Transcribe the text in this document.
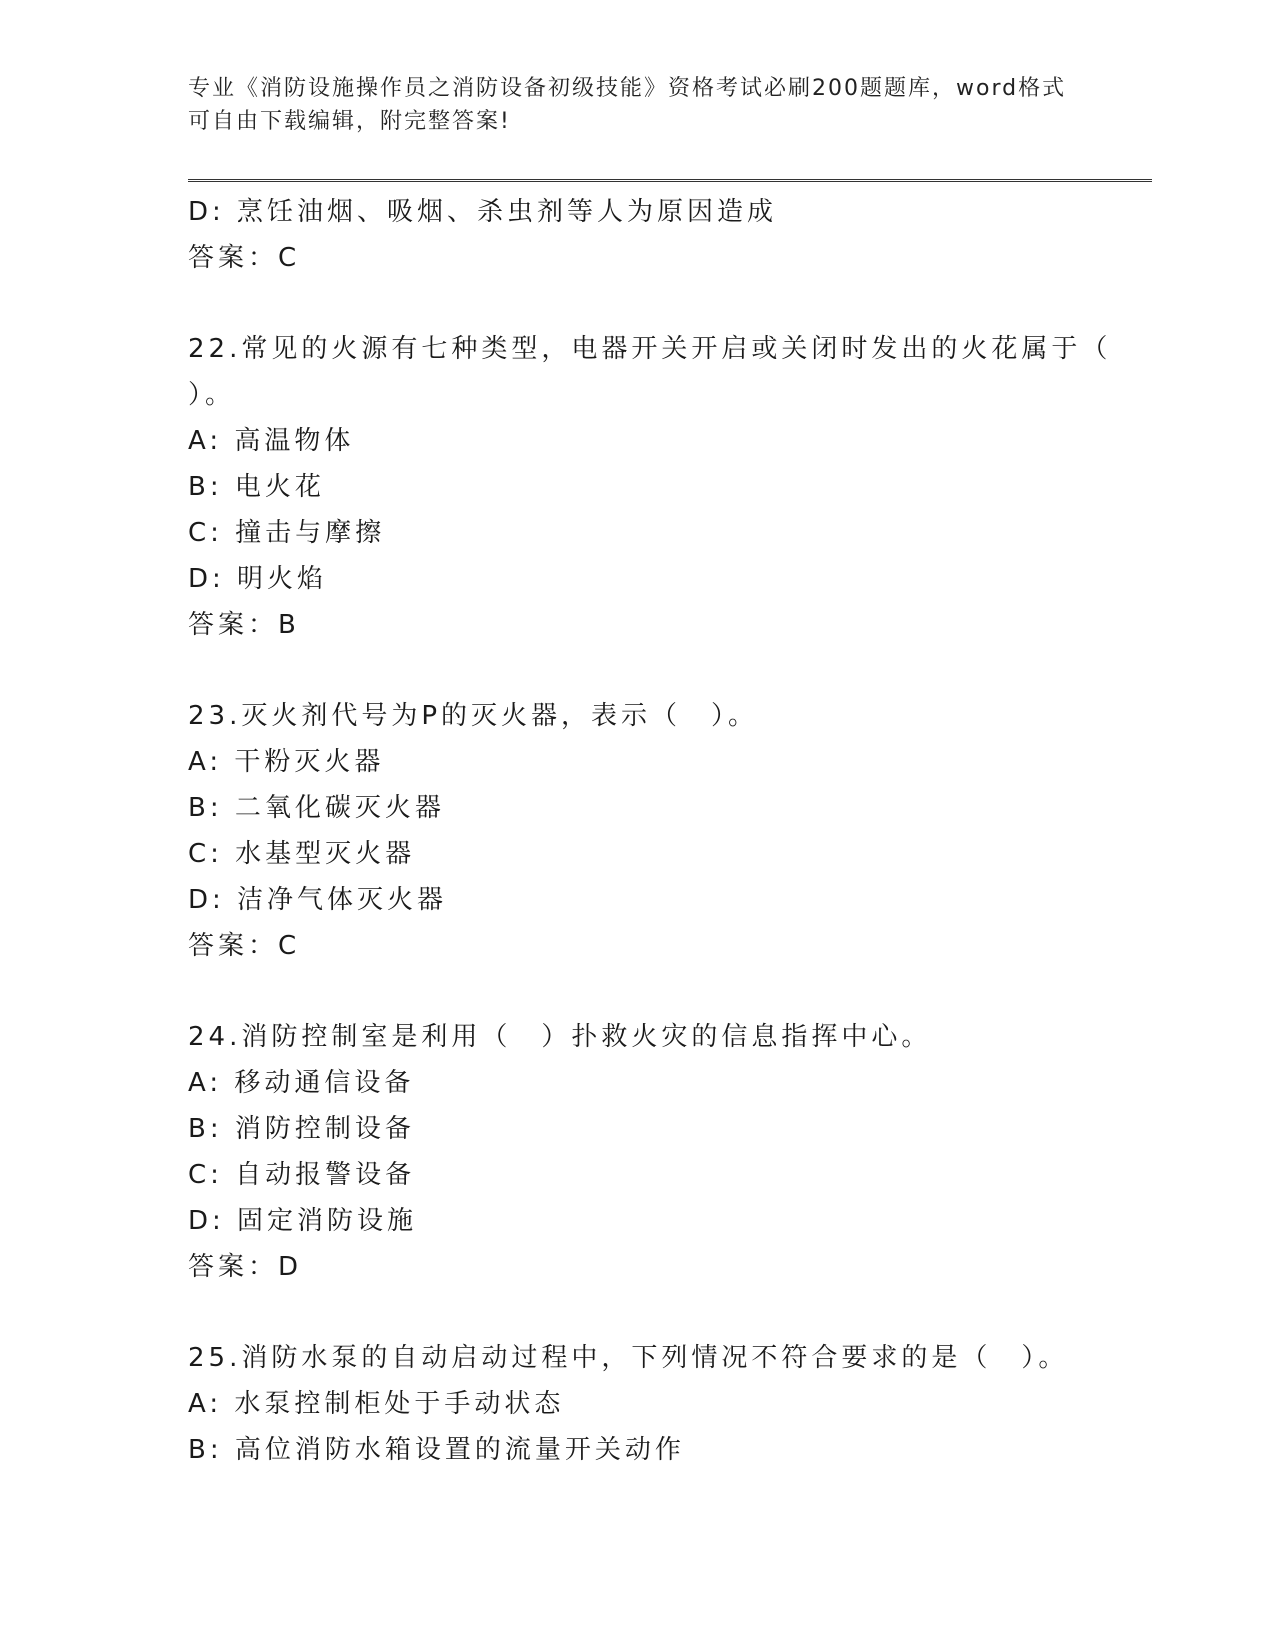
专业《消防设施操作员之消防设备初级技能》资格考试必刷200题题库，word格式可自由下载编辑，附完整答案!
D: 烹饪油烟、吸烟、杀虫剂等人为原因造成
答案：C
22.常见的火源有七种类型，电器开关开启或关闭时发出的火花属于（
）。
A: 高温物体
B: 电火花
C: 撞击与摩擦
D: 明火焰
答案：B
23.灭火剂代号为P的灭火器，表示（　）。
A: 干粉灭火器
B: 二氧化碳灭火器
C: 水基型灭火器
D: 洁净气体灭火器
答案：C
24.消防控制室是利用（　）扑救火灾的信息指挥中心。
A: 移动通信设备
B: 消防控制设备
C: 自动报警设备
D: 固定消防设施
答案：D
25.消防水泵的自动启动过程中，下列情况不符合要求的是（　）。
A: 水泵控制柜处于手动状态
B: 高位消防水箱设置的流量开关动作
